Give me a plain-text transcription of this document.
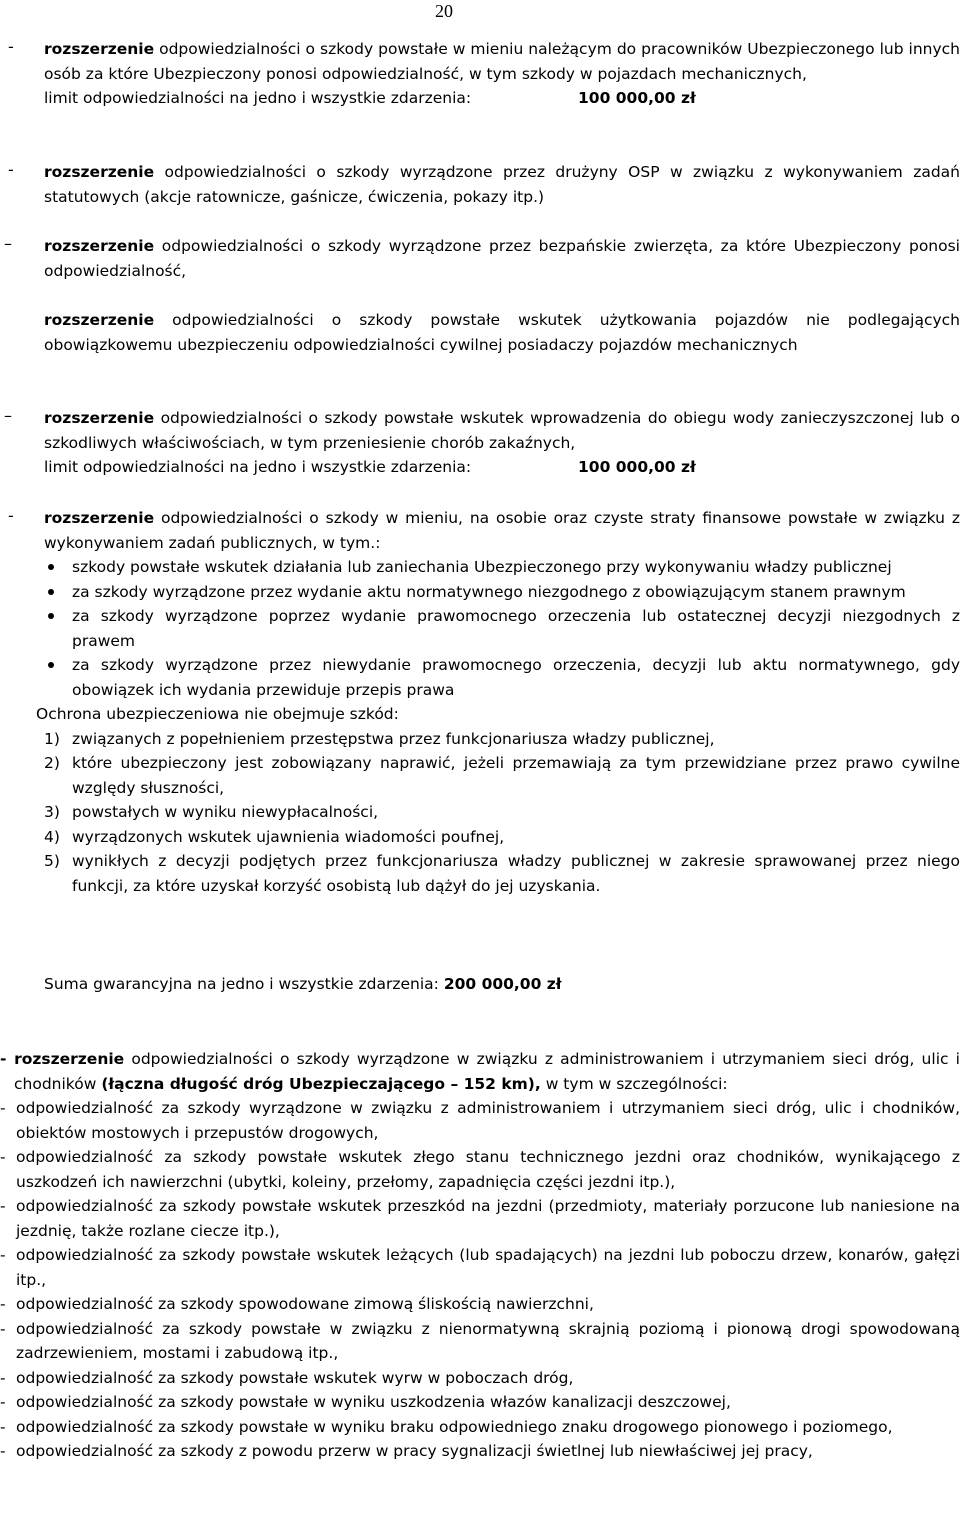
20
-	rozszerzenie odpowiedzialności o szkody powstałe w mieniu należącym do pracowników Ubezpieczonego lub innych osób za które Ubezpieczony ponosi odpowiedzialność, w tym szkody w pojazdach mechanicznych,

limit odpowiedzialności na jedno i wszystkie zdarzenia:	100 000,00 zł

-	rozszerzenie odpowiedzialności o szkody wyrządzone przez drużyny OSP w związku z wykonywaniem zadań statutowych (akcje ratownicze, gaśnicze, ćwiczenia, pokazy itp.)

–	rozszerzenie odpowiedzialności o szkody wyrządzone przez bezpańskie zwierzęta, za które Ubezpieczony ponosi odpowiedzialność,

rozszerzenie odpowiedzialności o szkody powstałe wskutek użytkowania pojazdów nie podlegających obowiązkowemu ubezpieczeniu odpowiedzialności cywilnej posiadaczy pojazdów mechanicznych

–	rozszerzenie odpowiedzialności o szkody powstałe wskutek wprowadzenia do obiegu wody zanieczyszczonej lub o szkodliwych właściwościach, w tym przeniesienie chorób zakaźnych,

limit odpowiedzialności na jedno i wszystkie zdarzenia:	100 000,00 zł

-	rozszerzenie odpowiedzialności o szkody w mieniu, na osobie oraz czyste straty finansowe powstałe w związku z wykonywaniem zadań publicznych, w tym.:

szkody powstałe wskutek działania lub zaniechania Ubezpieczonego przy wykonywaniu władzy publicznej

za szkody wyrządzone przez wydanie aktu normatywnego niezgodnego z obowiązującym stanem prawnym

za szkody wyrządzone poprzez wydanie prawomocnego orzeczenia lub ostatecznej decyzji niezgodnych z prawem

za szkody wyrządzone przez niewydanie prawomocnego orzeczenia, decyzji lub aktu normatywnego, gdy obowiązek ich wydania przewiduje przepis prawa

Ochrona ubezpieczeniowa nie obejmuje szkód:

1) związanych z popełnieniem przestępstwa przez funkcjonariusza władzy publicznej,

2) które ubezpieczony jest zobowiązany naprawić, jeżeli przemawiają za tym przewidziane przez prawo cywilne względy słuszności,

3) powstałych w wyniku niewypłacalności,

4) wyrządzonych wskutek ujawnienia wiadomości poufnej,

5) wynikłych z decyzji podjętych przez funkcjonariusza władzy publicznej w zakresie sprawowanej przez niego funkcji, za które uzyskał korzyść osobistą lub dążył do jej uzyskania.

Suma gwarancyjna na jedno i wszystkie zdarzenia: 200 000,00 zł

- rozszerzenie odpowiedzialności o szkody wyrządzone w związku z administrowaniem i utrzymaniem sieci dróg, ulic i chodników (łączna długość dróg Ubezpieczającego – 152 km), w tym w szczególności:

- odpowiedzialność za szkody wyrządzone w związku z administrowaniem i utrzymaniem sieci dróg, ulic i chodników, obiektów mostowych i przepustów drogowych,

- odpowiedzialność za szkody powstałe wskutek złego stanu technicznego jezdni oraz chodników, wynikającego z uszkodzeń ich nawierzchni (ubytki, koleiny, przełomy, zapadnięcia części jezdni itp.),

- odpowiedzialność za szkody powstałe wskutek przeszkód na jezdni (przedmioty, materiały porzucone lub naniesione na jezdnię, także rozlane ciecze itp.),

- odpowiedzialność za szkody powstałe wskutek leżących (lub spadających) na jezdni lub poboczu drzew, konarów, gałęzi itp.,

- odpowiedzialność za szkody spowodowane zimową śliskością nawierzchni,

- odpowiedzialność za szkody powstałe w związku z nienormatywną skrajnią poziomą i pionową drogi spowodowaną zadrzewieniem, mostami i zabudową itp.,

- odpowiedzialność za szkody powstałe wskutek wyrw w poboczach dróg,

- odpowiedzialność za szkody powstałe w wyniku uszkodzenia włazów kanalizacji deszczowej,

- odpowiedzialność za szkody powstałe w wyniku braku odpowiedniego znaku drogowego pionowego i poziomego,

- odpowiedzialność za szkody z powodu przerw w pracy sygnalizacji świetlnej lub niewłaściwej jej pracy,
